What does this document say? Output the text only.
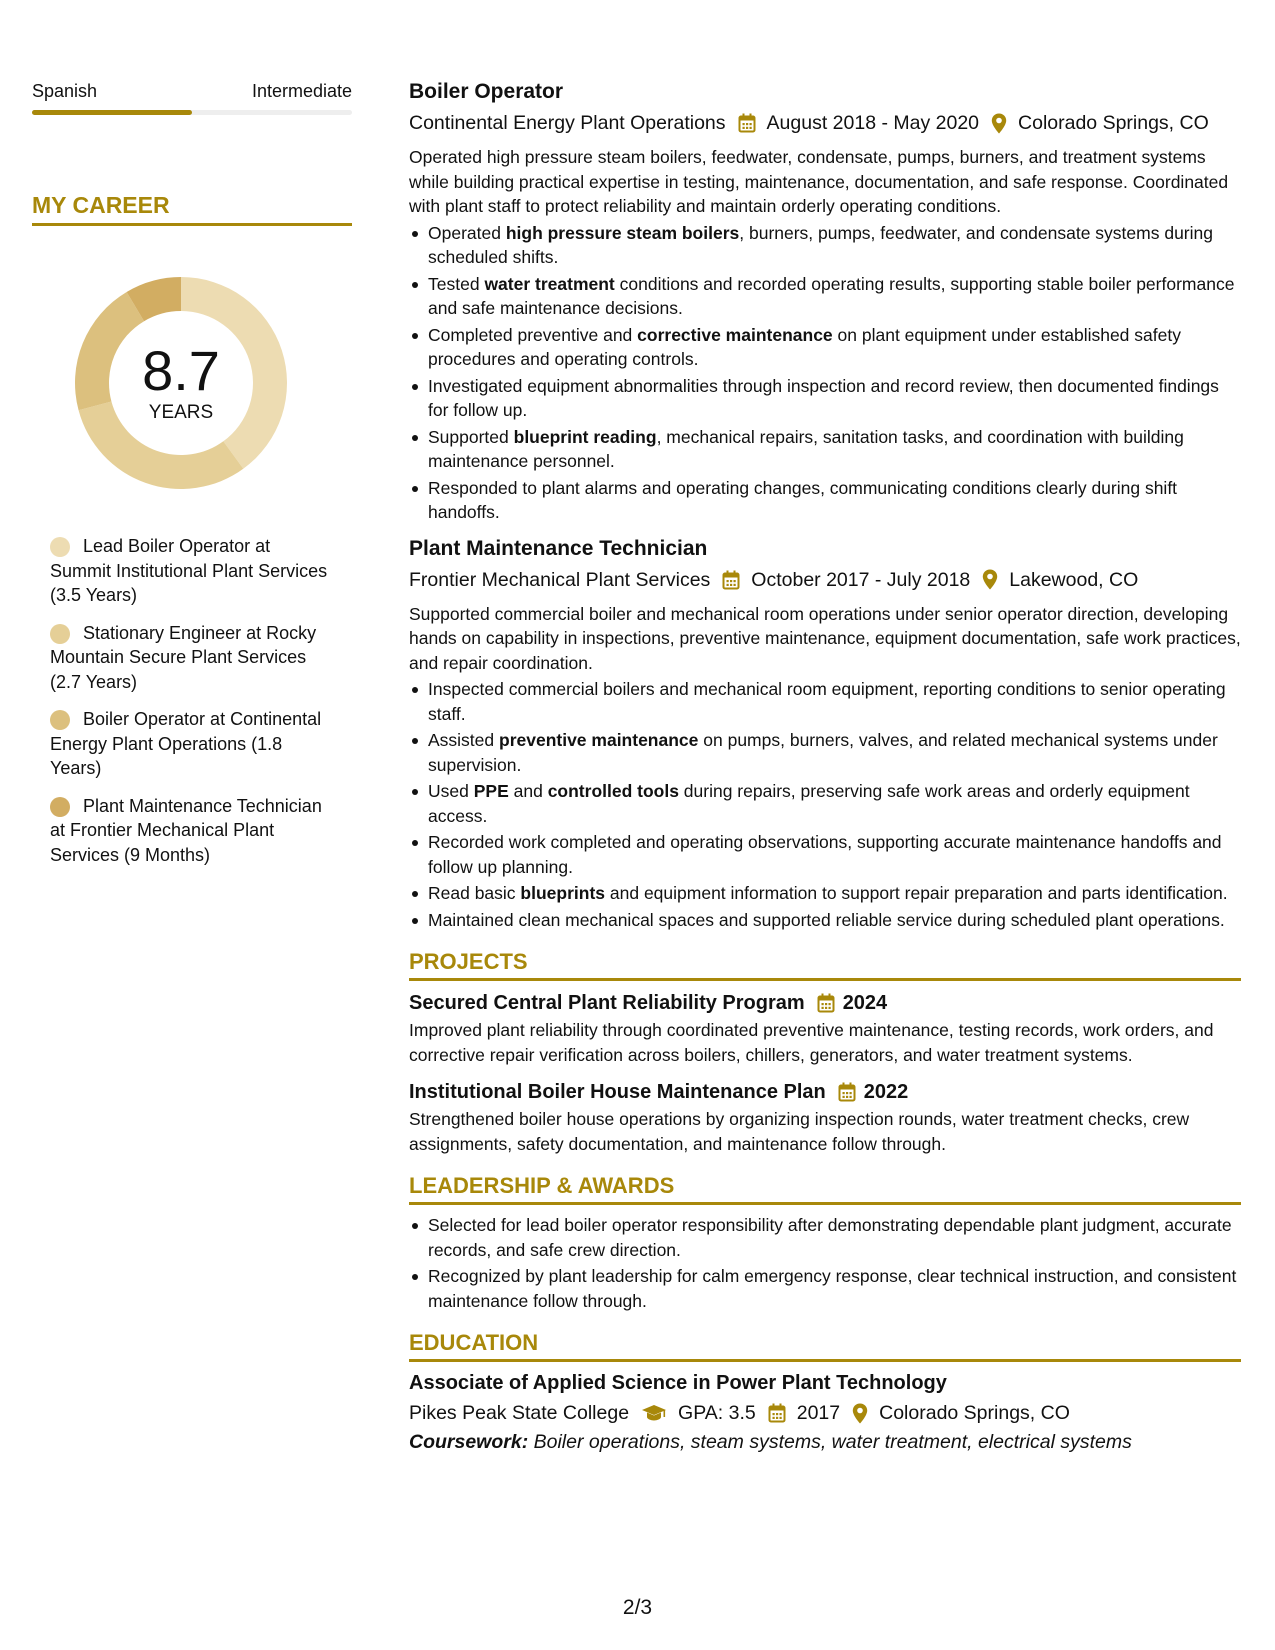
Spanish	Intermediate
MY CAREER
8.7
YEARS
Lead Boiler Operator at Summit Institutional Plant Services (3.5 Years)
Stationary Engineer at Rocky Mountain Secure Plant Services (2.7 Years)
Boiler Operator at Continental Energy Plant Operations (1.8 Years)
Plant Maintenance Technician at Frontier Mechanical Plant Services (9 Months)
Boiler Operator
Continental Energy Plant Operations August 2018 - May 2020 Colorado Springs, CO
Operated high pressure steam boilers, feedwater, condensate, pumps, burners, and treatment systems while building practical expertise in testing, maintenance, documentation, and safe response. Coordinated with plant staff to protect reliability and maintain orderly operating conditions.
Operated high pressure steam boilers, burners, pumps, feedwater, and condensate systems during scheduled shifts.
Tested water treatment conditions and recorded operating results, supporting stable boiler performance and safe maintenance decisions.
Completed preventive and corrective maintenance on plant equipment under established safety procedures and operating controls.
Investigated equipment abnormalities through inspection and record review, then documented findings for follow up.
Supported blueprint reading, mechanical repairs, sanitation tasks, and coordination with building maintenance personnel.
Responded to plant alarms and operating changes, communicating conditions clearly during shift handoffs.
Plant Maintenance Technician
Frontier Mechanical Plant Services October 2017 - July 2018 Lakewood, CO
Supported commercial boiler and mechanical room operations under senior operator direction, developing hands on capability in inspections, preventive maintenance, equipment documentation, safe work practices, and repair coordination.
Inspected commercial boilers and mechanical room equipment, reporting conditions to senior operating staff.
Assisted preventive maintenance on pumps, burners, valves, and related mechanical systems under supervision.
Used PPE and controlled tools during repairs, preserving safe work areas and orderly equipment access.
Recorded work completed and operating observations, supporting accurate maintenance handoffs and follow up planning.
Read basic blueprints and equipment information to support repair preparation and parts identification.
Maintained clean mechanical spaces and supported reliable service during scheduled plant operations.
PROJECTS
Secured Central Plant Reliability Program 2024
Improved plant reliability through coordinated preventive maintenance, testing records, work orders, and corrective repair verification across boilers, chillers, generators, and water treatment systems.
Institutional Boiler House Maintenance Plan 2022
Strengthened boiler house operations by organizing inspection rounds, water treatment checks, crew assignments, safety documentation, and maintenance follow through.
LEADERSHIP & AWARDS
Selected for lead boiler operator responsibility after demonstrating dependable plant judgment, accurate records, and safe crew direction.
Recognized by plant leadership for calm emergency response, clear technical instruction, and consistent maintenance follow through.
EDUCATION
Associate of Applied Science in Power Plant Technology
Pikes Peak State College	GPA: 3.5 2017 Colorado Springs, CO
Coursework: Boiler operations, steam systems, water treatment, electrical systems
2/3
